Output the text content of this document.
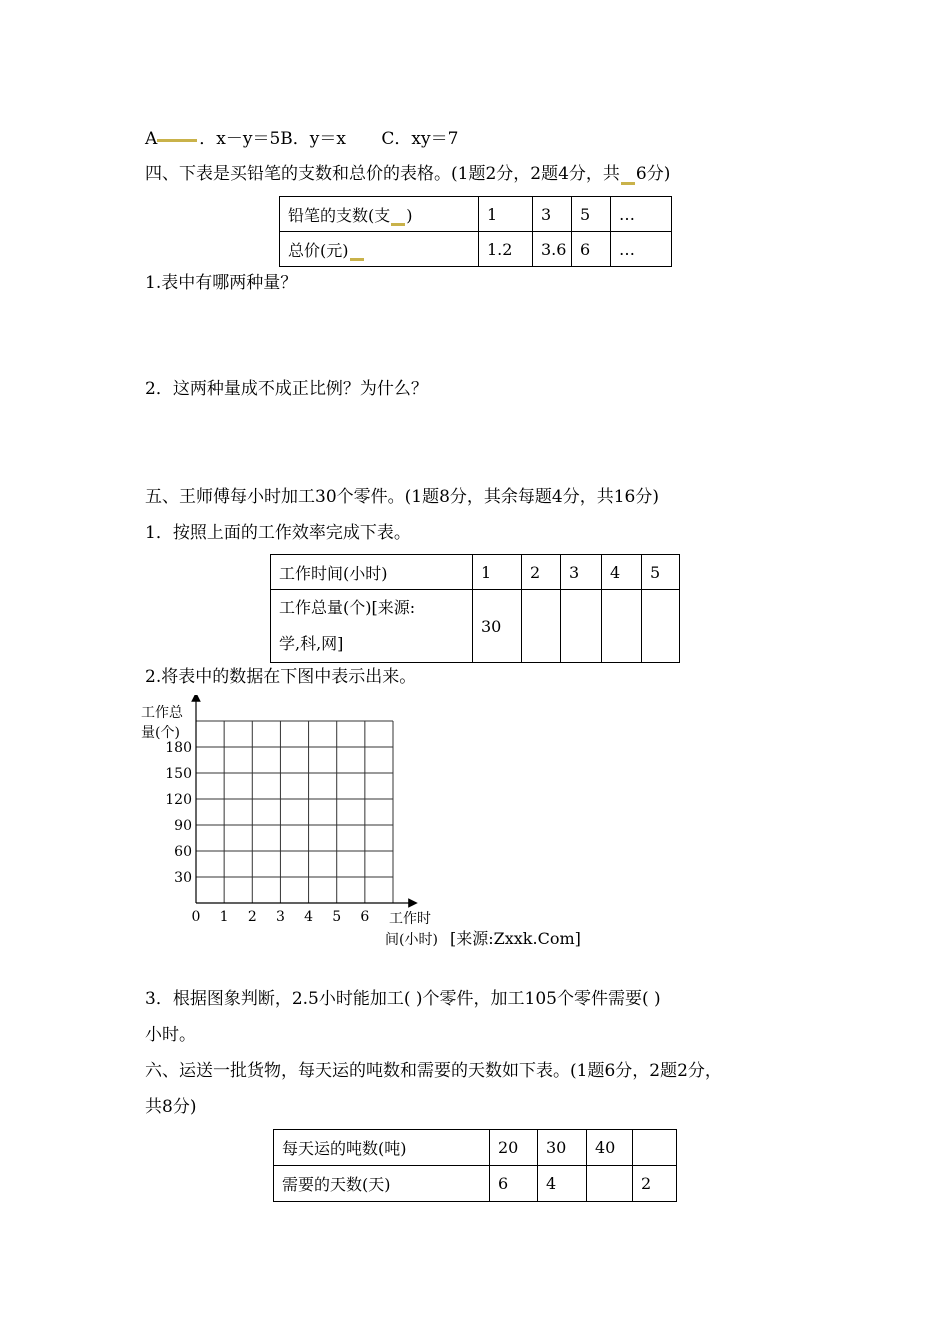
A ．x－y＝5B．y＝x C．xy＝7
四、下表是买铅笔的支数和总价的表格。(1题2分，2题4分，共 6分)
铅笔的支数(支 )	1	3	5	…
总价(元)	1.2	3.6	6	…
1.表中有哪两种量？
2．这两种量成不成正比例？为什么？
五、王师傅每小时加工30个零件。(1题8分，其余每题4分，共16分)
1．按照上面的工作效率完成下表。
工作时间(小时)	1	2	3	4	5
工作总量(个)[来源:
学,科,网]	30				
2.将表中的数据在下图中表示出来。
0 1 2 3 4 5 6
30
60
90
120
150
180
工作总
量(个)
工作时
间(小时) [来源:Zxxk.Com]
3．根据图象判断，2.5小时能加工( )个零件，加工105个零件需要( )
小时。
六、运送一批货物，每天运的吨数和需要的天数如下表。(1题6分，2题2分，
共8分)
每天运的吨数(吨)	20	30	40	
需要的天数(天)	6	4		2
